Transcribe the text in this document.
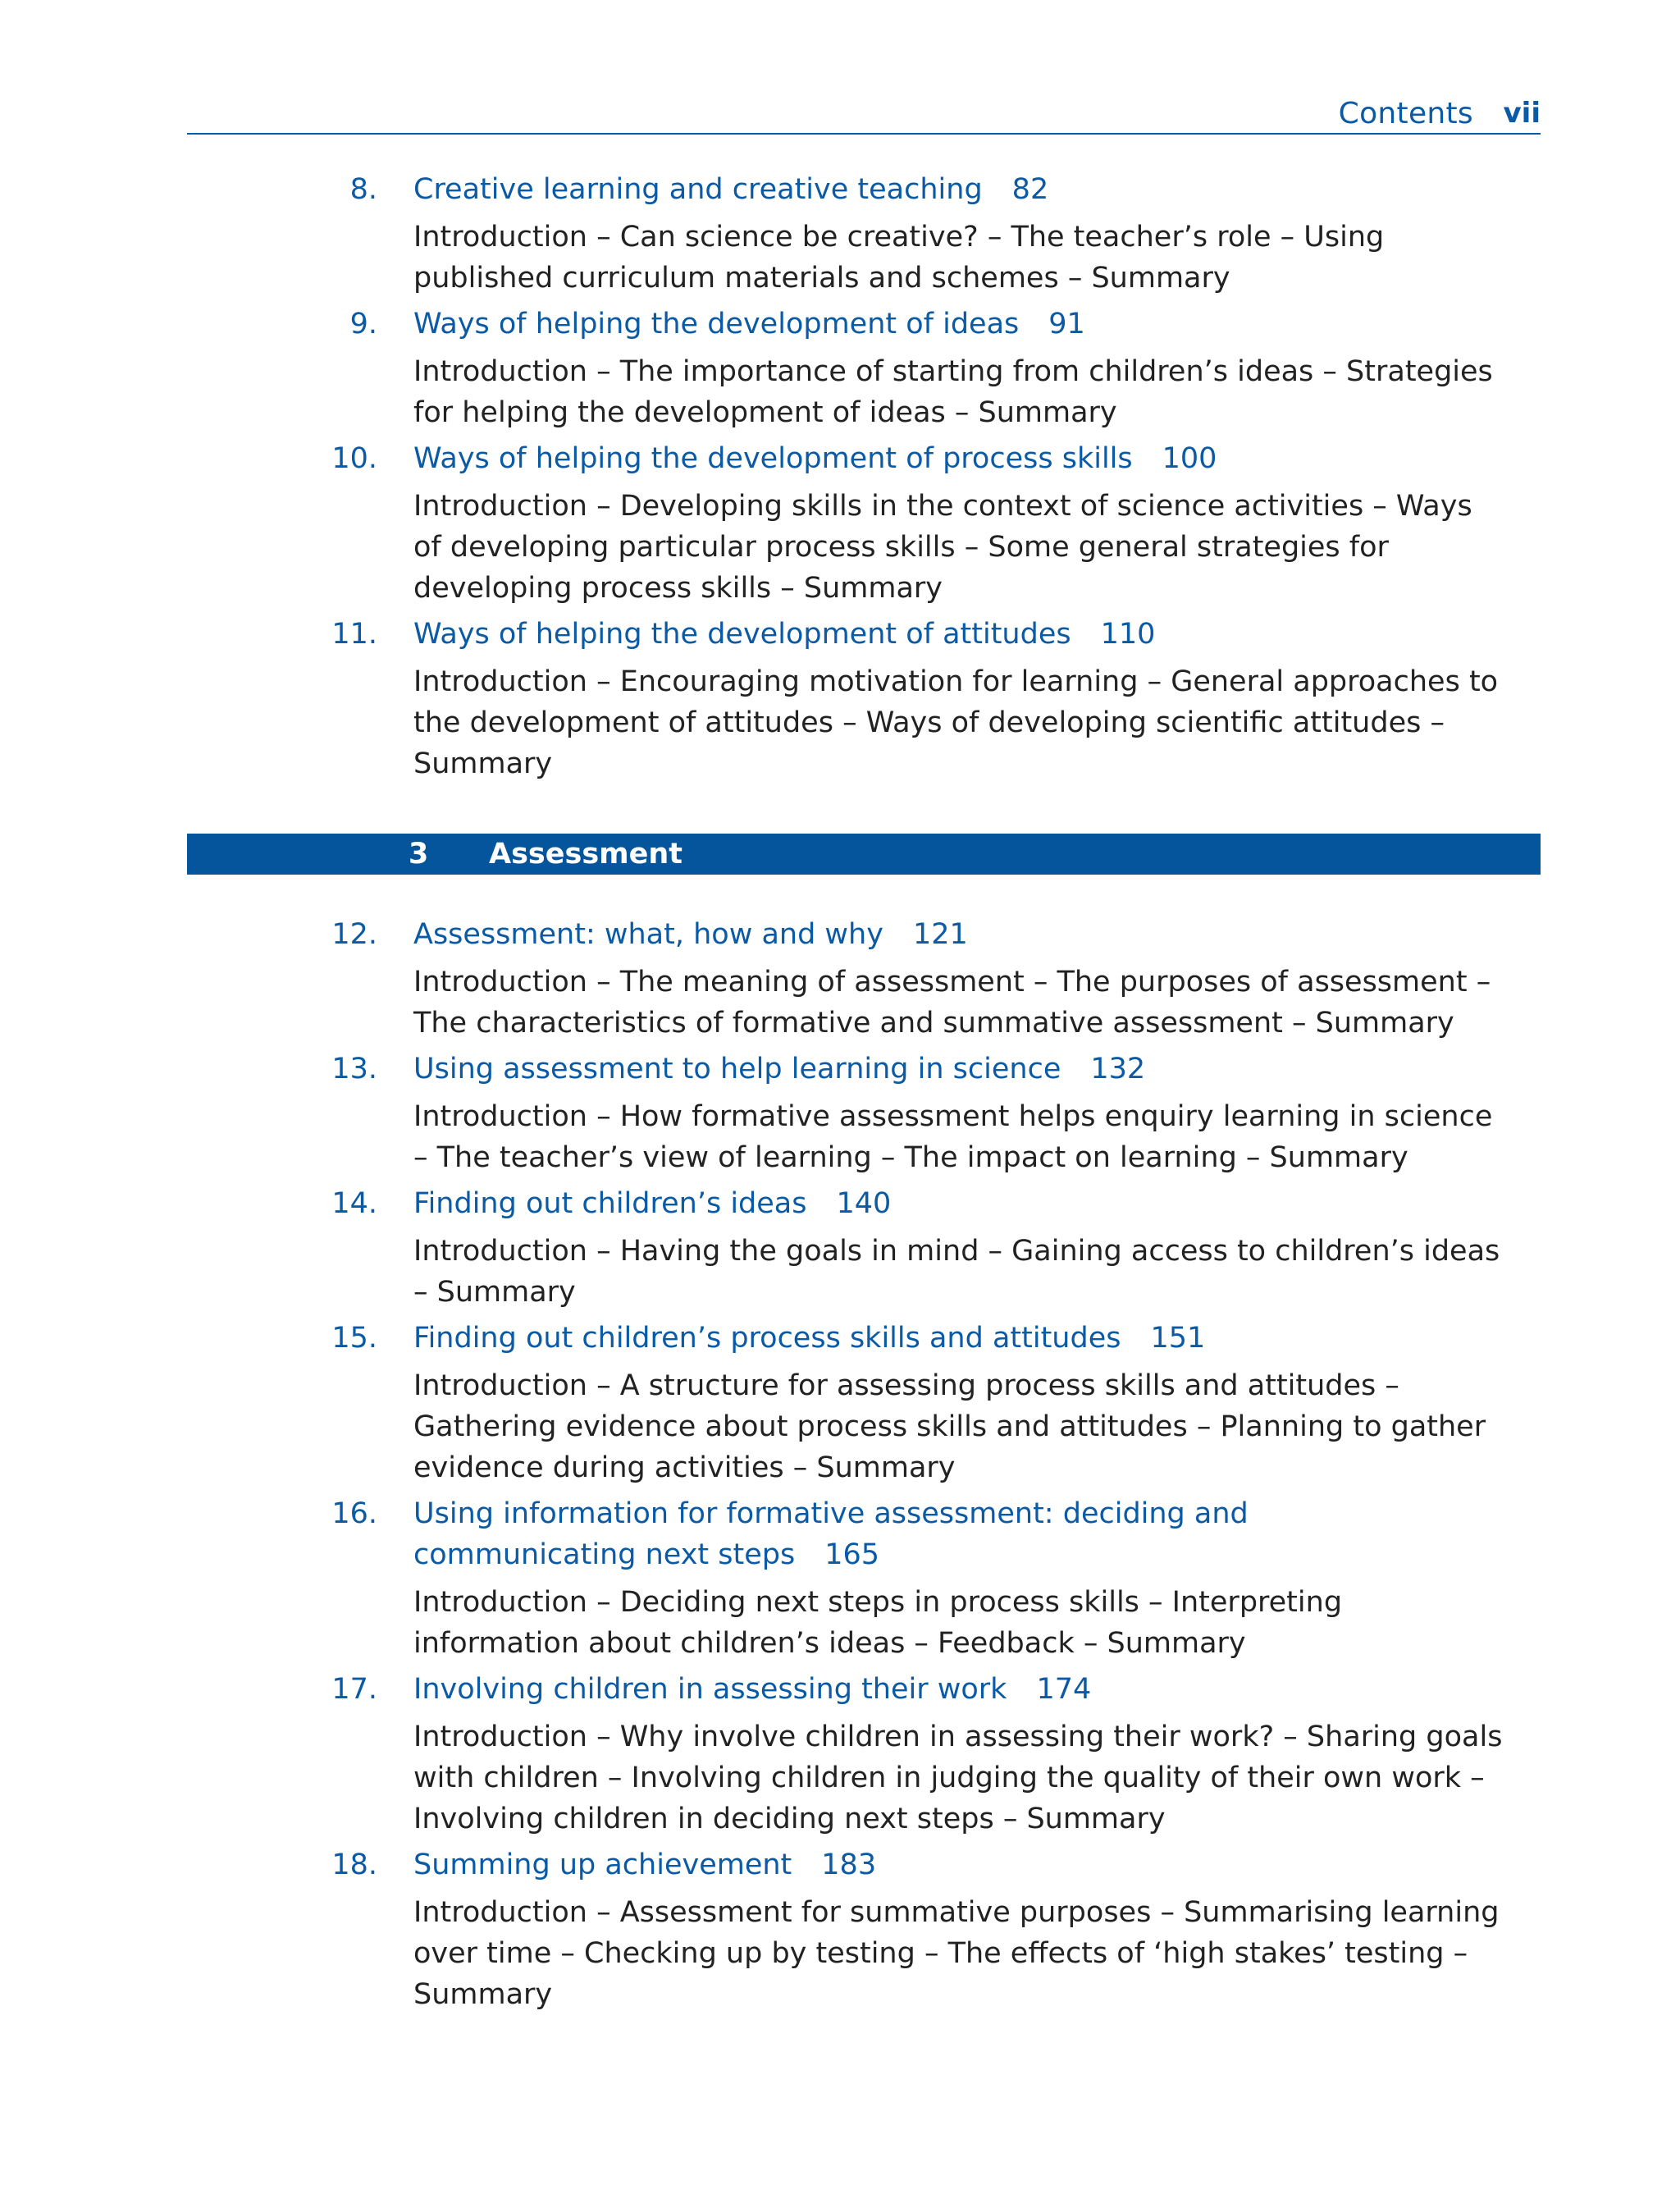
Contents vii
8. Creative learning and creative teaching 82
Introduction – Can science be creative? – The teacher’s role – Using published curriculum materials and schemes – Summary
9. Ways of helping the development of ideas 91
Introduction – The importance of starting from children’s ideas – Strategies for helping the development of ideas – Summary
10. Ways of helping the development of process skills 100
Introduction – Developing skills in the context of science activities – Ways of developing particular process skills – Some general strategies for developing process skills – Summary
11. Ways of helping the development of attitudes 110
Introduction – Encouraging motivation for learning – General approaches to the development of attitudes – Ways of developing scientific attitudes – Summary
3 Assessment
12. Assessment: what, how and why 121
Introduction – The meaning of assessment – The purposes of assessment – The characteristics of formative and summative assessment – Summary
13. Using assessment to help learning in science 132
Introduction – How formative assessment helps enquiry learning in science – The teacher’s view of learning – The impact on learning – Summary
14. Finding out children’s ideas 140
Introduction – Having the goals in mind – Gaining access to children’s ideas – Summary
15. Finding out children’s process skills and attitudes 151
Introduction – A structure for assessing process skills and attitudes – Gathering evidence about process skills and attitudes – Planning to gather evidence during activities – Summary
16. Using information for formative assessment: deciding and communicating next steps 165
Introduction – Deciding next steps in process skills – Interpreting information about children’s ideas – Feedback – Summary
17. Involving children in assessing their work 174
Introduction – Why involve children in assessing their work? – Sharing goals with children – Involving children in judging the quality of their own work – Involving children in deciding next steps – Summary
18. Summing up achievement 183
Introduction – Assessment for summative purposes – Summarising learning over time – Checking up by testing – The effects of ‘high stakes’ testing – Summary
